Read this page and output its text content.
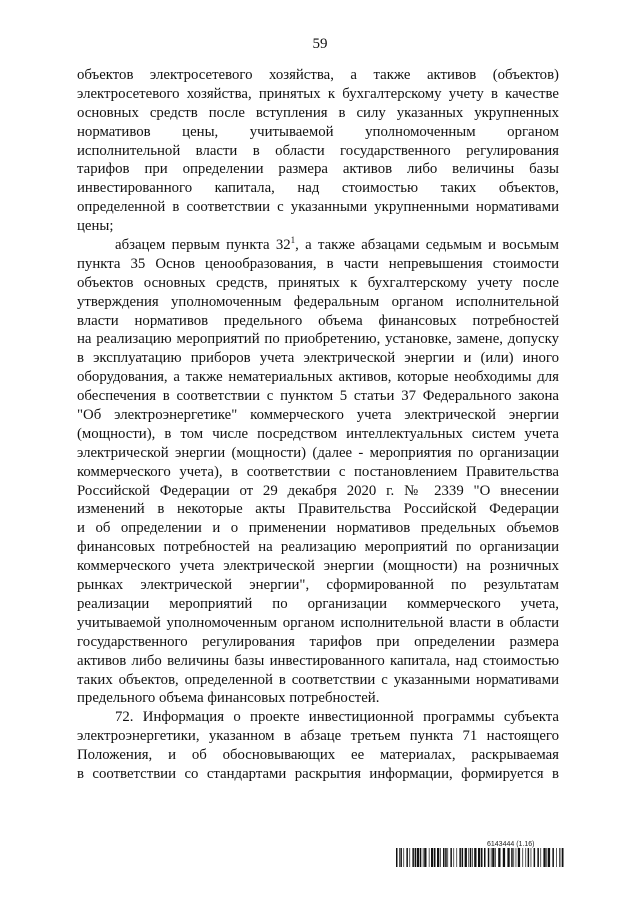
59
объектов электросетевого хозяйства, а также активов (объектов)
электросетевого хозяйства, принятых к бухгалтерскому учету в качестве
основных средств после вступления в силу указанных укрупненных
нормативов цены, учитываемой уполномоченным органом
исполнительной власти в области государственного регулирования
тарифов при определении размера активов либо величины базы
инвестированного капитала, над стоимостью таких объектов,
определенной в соответствии с указанными укрупненными нормативами
цены;
абзацем первым пункта $32^1$, а также абзацами седьмым и восьмым
пункта 35 Основ ценообразования, в части непревышения стоимости
объектов основных средств, принятых к бухгалтерскому учету после
утверждения уполномоченным федеральным органом исполнительной
власти нормативов предельного объема финансовых потребностей
на реализацию мероприятий по приобретению, установке, замене, допуску
в эксплуатацию приборов учета электрической энергии и (или) иного
оборудования, а также нематериальных активов, которые необходимы для
обеспечения в соответствии с пунктом 5 статьи 37 Федерального закона
"Об электроэнергетике" коммерческого учета электрической энергии
(мощности), в том числе посредством интеллектуальных систем учета
электрической энергии (мощности) (далее - мероприятия по организации
коммерческого учета), в соответствии с постановлением Правительства
Российской Федерации от 29 декабря 2020 г. № 2339 "О внесении
изменений в некоторые акты Правительства Российской Федерации
и об определении и о применении нормативов предельных объемов
финансовых потребностей на реализацию мероприятий по организации
коммерческого учета электрической энергии (мощности) на розничных
рынках электрической энергии", сформированной по результатам
реализации мероприятий по организации коммерческого учета,
учитываемой уполномоченным органом исполнительной власти в области
государственного регулирования тарифов при определении размера
активов либо величины базы инвестированного капитала, над стоимостью
таких объектов, определенной в соответствии с указанными нормативами
предельного объема финансовых потребностей.
72. Информация о проекте инвестиционной программы субъекта
электроэнергетики, указанном в абзаце третьем пункта 71 настоящего
Положения, и об обосновывающих ее материалах, раскрываемая
в соответствии со стандартами раскрытия информации, формируется в
6143444 (1.16)
